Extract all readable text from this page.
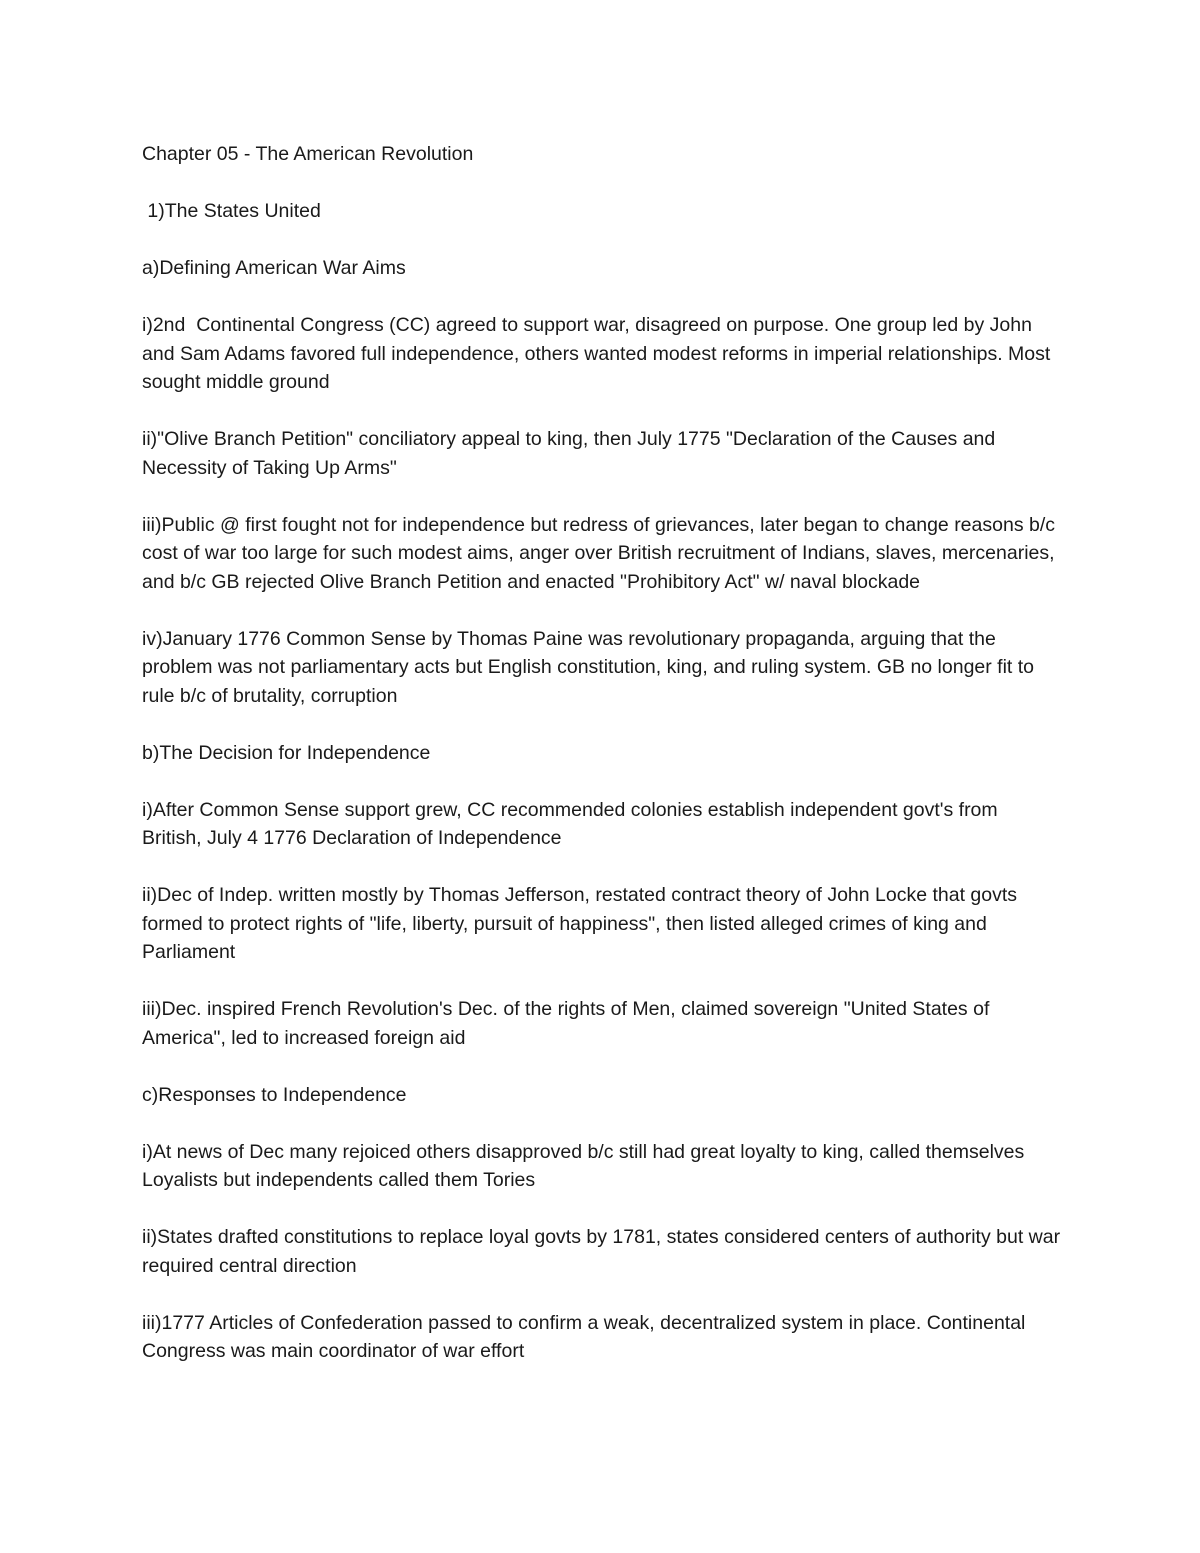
Chapter 05 - The American Revolution

1)The States United

a)Defining American War Aims

i)2nd  Continental Congress (CC) agreed to support war, disagreed on purpose. One group led by John and Sam Adams favored full independence, others wanted modest reforms in imperial relationships. Most sought middle ground

ii)"Olive Branch Petition" conciliatory appeal to king, then July 1775 "Declaration of the Causes and Necessity of Taking Up Arms"

iii)Public @ first fought not for independence but redress of grievances, later began to change reasons b/c cost of war too large for such modest aims, anger over British recruitment of Indians, slaves, mercenaries, and b/c GB rejected Olive Branch Petition and enacted "Prohibitory Act" w/ naval blockade

iv)January 1776 Common Sense by Thomas Paine was revolutionary propaganda, arguing that the problem was not parliamentary acts but English constitution, king, and ruling system. GB no longer fit to rule b/c of brutality, corruption

b)The Decision for Independence

i)After Common Sense support grew, CC recommended colonies establish independent govt's from British, July 4 1776 Declaration of Independence

ii)Dec of Indep. written mostly by Thomas Jefferson, restated contract theory of John Locke that govts formed to protect rights of "life, liberty, pursuit of happiness", then listed alleged crimes of king and Parliament

iii)Dec. inspired French Revolution's Dec. of the rights of Men, claimed sovereign "United States of America", led to increased foreign aid

c)Responses to Independence

i)At news of Dec many rejoiced others disapproved b/c still had great loyalty to king, called themselves Loyalists but independents called them Tories

ii)States drafted constitutions to replace loyal govts by 1781, states considered centers of authority but war required central direction

iii)1777 Articles of Confederation passed to confirm a weak, decentralized system in place. Continental Congress was main coordinator of war effort
